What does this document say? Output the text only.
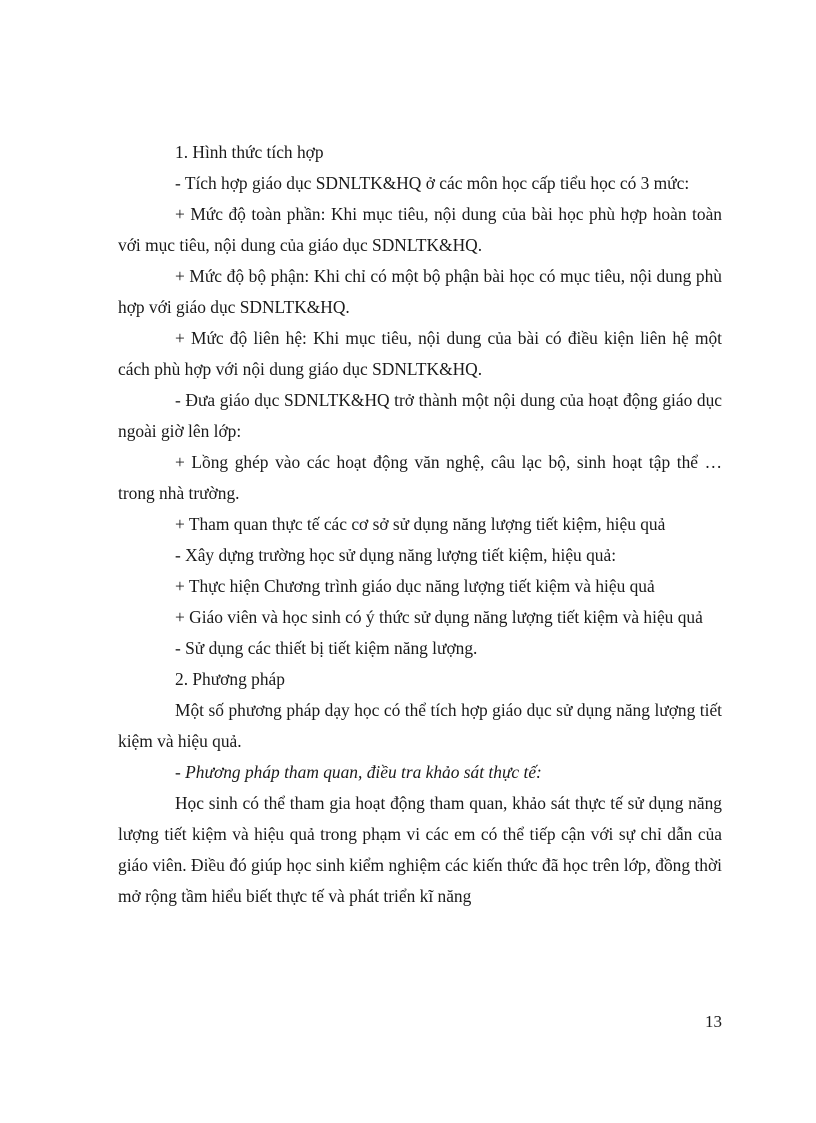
1. Hình thức tích hợp

- Tích hợp giáo dục SDNLTK&HQ ở các môn học cấp tiểu học có 3 mức:

+ Mức độ toàn phần: Khi mục tiêu, nội dung của bài học phù hợp hoàn toàn với mục tiêu, nội dung của giáo dục SDNLTK&HQ.

+ Mức độ bộ phận: Khi chỉ có một bộ phận bài học có mục tiêu, nội dung phù hợp với giáo dục SDNLTK&HQ.

+ Mức độ liên hệ: Khi mục tiêu, nội dung của bài có điều kiện liên hệ một cách phù hợp với nội dung giáo dục SDNLTK&HQ.

- Đưa giáo dục SDNLTK&HQ trở thành một nội dung của hoạt động giáo dục ngoài giờ lên lớp:

+ Lồng ghép vào các hoạt động văn nghệ, câu lạc bộ, sinh hoạt tập thể …trong nhà trường.

+ Tham quan thực tế các cơ sở sử dụng năng lượng tiết kiệm, hiệu quả

- Xây dựng trường học sử dụng năng lượng tiết kiệm, hiệu quả:

+ Thực hiện Chương trình giáo dục năng lượng tiết kiệm và hiệu quả

+ Giáo viên và học sinh có ý thức sử dụng năng lượng tiết kiệm và hiệu quả

- Sử dụng các thiết bị tiết kiệm năng lượng.

2. Phương pháp

Một số phương pháp dạy học có thể tích hợp giáo dục sử dụng năng lượng tiết kiệm và hiệu quả.

- Phương pháp tham quan, điều tra khảo sát thực tế:

Học sinh có thể tham gia hoạt động tham quan, khảo sát thực tế sử dụng năng lượng tiết kiệm và hiệu quả trong phạm vi các em có thể tiếp cận với sự chỉ dẫn của giáo viên. Điều đó giúp học sinh kiểm nghiệm các kiến thức đã học trên lớp, đồng thời mở rộng tầm hiểu biết thực tế và phát triển kĩ năng

13
